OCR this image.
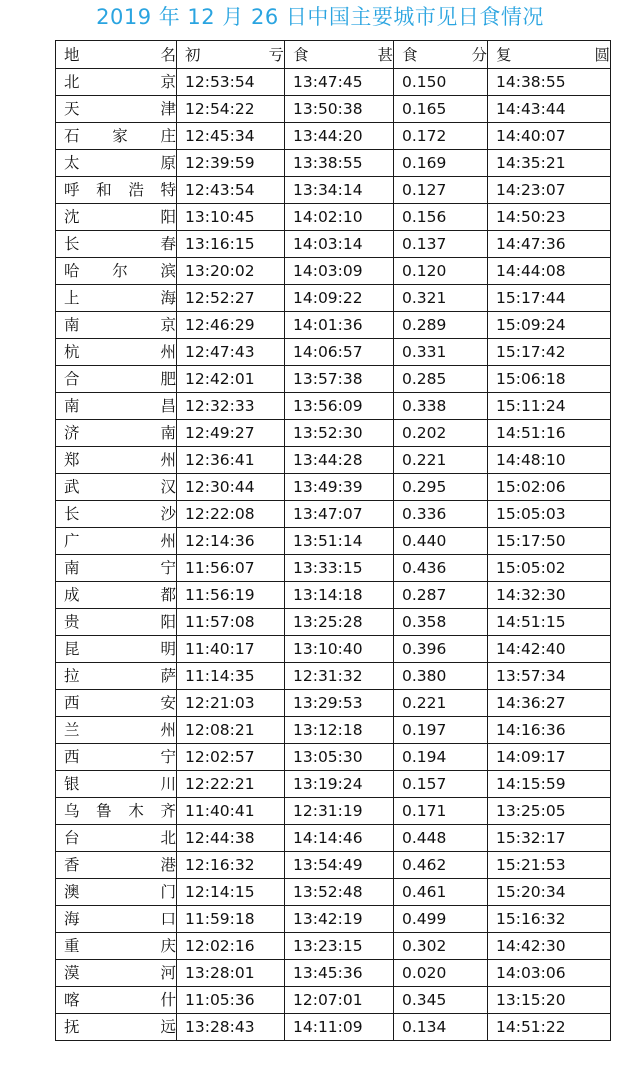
2019 年 12 月 26 日中国主要城市见日食情况
地　名	初 亏	食 甚	食 分	复 圆
北京	12:53:54	13:47:45	0.150	14:38:55
天津	12:54:22	13:50:38	0.165	14:43:44
石家庄	12:45:34	13:44:20	0.172	14:40:07
太原	12:39:59	13:38:55	0.169	14:35:21
呼和浩特	12:43:54	13:34:14	0.127	14:23:07
沈阳	13:10:45	14:02:10	0.156	14:50:23
长春	13:16:15	14:03:14	0.137	14:47:36
哈尔滨	13:20:02	14:03:09	0.120	14:44:08
上海	12:52:27	14:09:22	0.321	15:17:44
南京	12:46:29	14:01:36	0.289	15:09:24
杭州	12:47:43	14:06:57	0.331	15:17:42
合肥	12:42:01	13:57:38	0.285	15:06:18
南昌	12:32:33	13:56:09	0.338	15:11:24
济南	12:49:27	13:52:30	0.202	14:51:16
郑州	12:36:41	13:44:28	0.221	14:48:10
武汉	12:30:44	13:49:39	0.295	15:02:06
长沙	12:22:08	13:47:07	0.336	15:05:03
广州	12:14:36	13:51:14	0.440	15:17:50
南宁	11:56:07	13:33:15	0.436	15:05:02
成都	11:56:19	13:14:18	0.287	14:32:30
贵阳	11:57:08	13:25:28	0.358	14:51:15
昆明	11:40:17	13:10:40	0.396	14:42:40
拉萨	11:14:35	12:31:32	0.380	13:57:34
西安	12:21:03	13:29:53	0.221	14:36:27
兰州	12:08:21	13:12:18	0.197	14:16:36
西宁	12:02:57	13:05:30	0.194	14:09:17
银川	12:22:21	13:19:24	0.157	14:15:59
乌鲁木齐	11:40:41	12:31:19	0.171	13:25:05
台北	12:44:38	14:14:46	0.448	15:32:17
香港	12:16:32	13:54:49	0.462	15:21:53
澳门	12:14:15	13:52:48	0.461	15:20:34
海口	11:59:18	13:42:19	0.499	15:16:32
重庆	12:02:16	13:23:15	0.302	14:42:30
漠河	13:28:01	13:45:36	0.020	14:03:06
喀什	11:05:36	12:07:01	0.345	13:15:20
抚远	13:28:43	14:11:09	0.134	14:51:22
